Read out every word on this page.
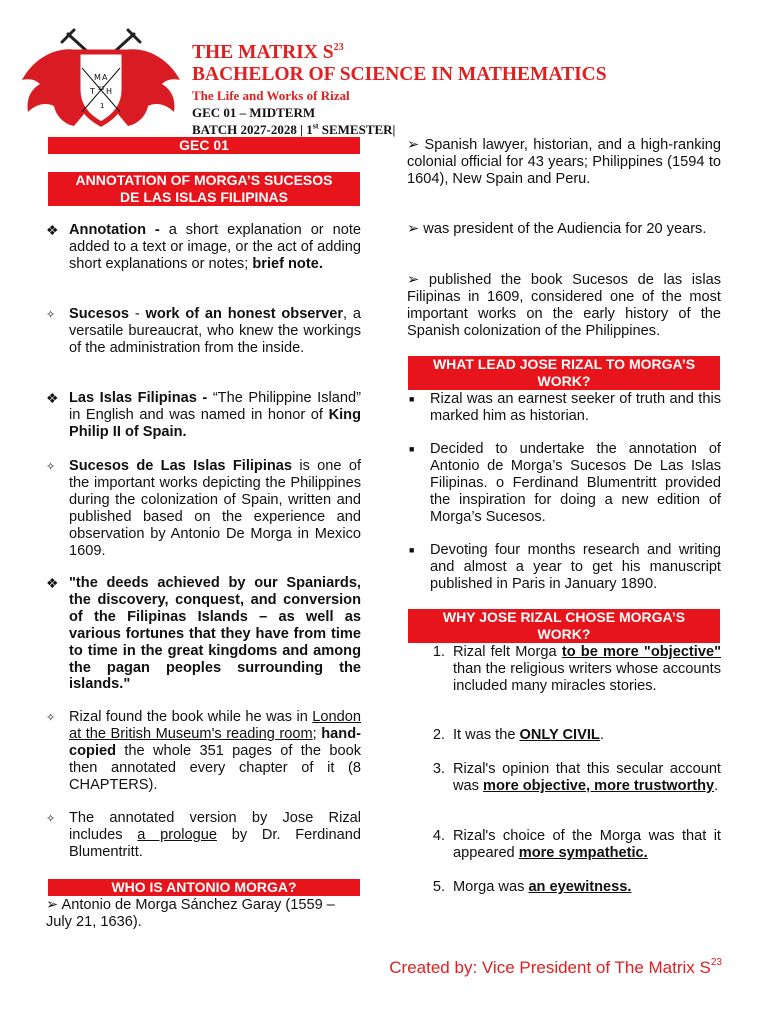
M A
T 23 H
1
THE MATRIX $S^{23}$
BACHELOR OF SCIENCE IN MATHEMATICS
The Life and Works of Rizal
GEC 01 – MIDTERM
BATCH 2027-2028 | 1st SEMESTER|
GEC 01
ANNOTATION OF MORGA’S SUCESOS
DE LAS ISLAS FILIPINAS
❖ Annotation - a short explanation or note added to a text or image, or the act of adding short explanations or notes; brief note.
✧ Sucesos - work of an honest observer, a versatile bureaucrat, who knew the workings of the administration from the inside.
❖ Las Islas Filipinas - “The Philippine Island” in English and was named in honor of King Philip II of Spain.
✧ Sucesos de Las Islas Filipinas is one of the important works depicting the Philippines during the colonization of Spain, written and published based on the experience and observation by Antonio De Morga in Mexico 1609.
❖ "the deeds achieved by our Spaniards, the discovery, conquest, and conversion of the Filipinas Islands – as well as various fortunes that they have from time to time in the great kingdoms and among the pagan peoples surrounding the islands."
✧ Rizal found the book while he was in London at the British Museum's reading room; hand-copied the whole 351 pages of the book then annotated every chapter of it (8 CHAPTERS).
✧ The annotated version by Jose Rizal includes a prologue by Dr. Ferdinand Blumentritt.
WHO IS ANTONIO MORGA?
➢ Antonio de Morga Sánchez Garay (1559 – July 21, 1636).
➢ Spanish lawyer, historian, and a high-ranking colonial official for 43 years; Philippines (1594 to 1604), New Spain and Peru.
➢ was president of the Audiencia for 20 years.
➢ published the book Sucesos de las islas Filipinas in 1609, considered one of the most important works on the early history of the Spanish colonization of the Philippines.
WHAT LEAD JOSE RIZAL TO MORGA’S
WORK?
■ Rizal was an earnest seeker of truth and this marked him as historian.
■ Decided to undertake the annotation of Antonio de Morga’s Sucesos De Las Islas Filipinas. o Ferdinand Blumentritt provided the inspiration for doing a new edition of Morga’s Sucesos.
■ Devoting four months research and writing and almost a year to get his manuscript published in Paris in January 1890.
WHY JOSE RIZAL CHOSE MORGA’S
WORK?
1. Rizal felt Morga to be more "objective" than the religious writers whose accounts included many miracles stories.
2. It was the ONLY CIVIL.
3. Rizal's opinion that this secular account was more objective, more trustworthy.
4. Rizal's choice of the Morga was that it appeared more sympathetic.
5. Morga was an eyewitness.
Created by: Vice President of The Matrix $S^{23}$
